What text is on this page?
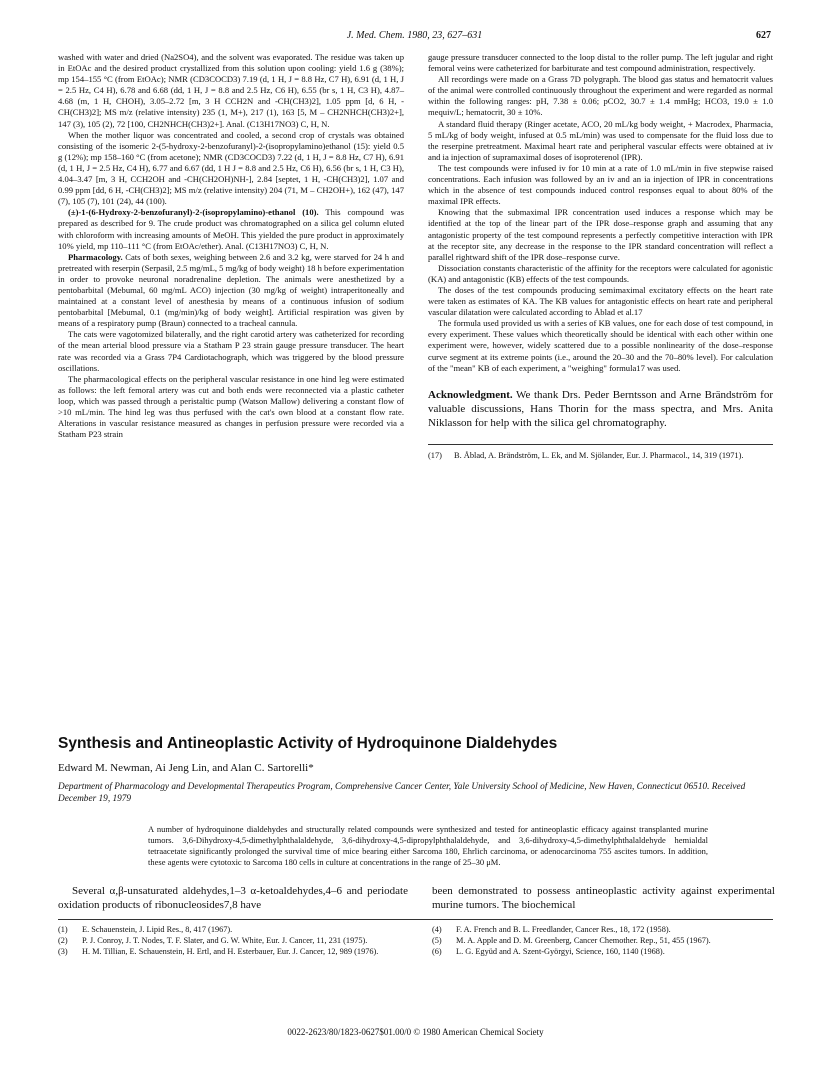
J. Med. Chem. 1980, 23, 627–631	627

washed with water and dried (Na2SO4), and the solvent was evaporated. The residue was taken up in EtOAc and the desired product crystallized from this solution upon cooling: yield 1.6 g (38%); mp 154–155 °C (from EtOAc); NMR (CD3COCD3) 7.19 (d, 1 H, J = 8.8 Hz, C7 H), 6.91 (d, 1 H, J = 2.5 Hz, C4 H), 6.78 and 6.68 (dd, 1 H, J = 8.8 and 2.5 Hz, C6 H), 6.55 (br s, 1 H, C3 H), 4.87–4.68 (m, 1 H, CHOH), 3.05–2.72 [m, 3 H CCH2N and -CH(CH3)2], 1.05 ppm [d, 6 H, -CH(CH3)2]; MS m/z (relative intensity) 235 (1, M+), 217 (1), 163 [5, M – CH2NHCH(CH3)2+], 147 (3), 105 (2), 72 [100, CH2NHCH(CH3)2+]. Anal. (C13H17NO3) C, H, N.

When the mother liquor was concentrated and cooled, a second crop of crystals was obtained consisting of the isomeric 2-(5-hydroxy-2-benzofuranyl)-2-(isopropylamino)ethanol (15): yield 0.5 g (12%); mp 158–160 °C (from acetone); NMR (CD3COCD3) 7.22 (d, 1 H, J = 8.8 Hz, C7 H), 6.91 (d, 1 H, J = 2.5 Hz, C4 H), 6.77 and 6.67 (dd, 1 H J = 8.8 and 2.5 Hz, C6 H), 6.56 (br s, 1 H, C3 H), 4.04–3.47 [m, 3 H, CCH2OH and -CH(CH2OH)NH-], 2.84 [septet, 1 H, -CH(CH3)2], 1.07 and 0.99 ppm [dd, 6 H, -CH(CH3)2]; MS m/z (relative intensity) 204 (71, M – CH2OH+), 162 (47), 147 (7), 105 (7), 101 (24), 44 (100).

(±)-1-(6-Hydroxy-2-benzofuranyl)-2-(isopropylamino)-ethanol (10). This compound was prepared as described for 9. The crude product was chromatographed on a silica gel column eluted with chloroform with increasing amounts of MeOH. This yielded the pure product in approximately 10% yield, mp 110–111 °C (from EtOAc/ether). Anal. (C13H17NO3) C, H, N.

Pharmacology. Cats of both sexes, weighing between 2.6 and 3.2 kg, were starved for 24 h and pretreated with reserpin (Serpasil, 2.5 mg/mL, 5 mg/kg of body weight) 18 h before experimentation in order to provoke neuronal noradrenaline depletion. The animals were anesthetized by a pentobarbital (Mebumal, 60 mg/mL ACO) injection (30 mg/kg of weight) intraperitoneally and maintained at a constant level of anesthesia by means of a continuous infusion of sodium pentobarbital [Mebumal, 0.1 (mg/min)/kg of body weight]. Artificial respiration was given by means of a respiratory pump (Braun) connected to a tracheal cannula.

The cats were vagotomized bilaterally, and the right carotid artery was catheterized for recording of the mean arterial blood pressure via a Statham P 23 strain gauge pressure transducer. The heart rate was recorded via a Grass 7P4 Cardiotachograph, which was triggered by the blood pressure oscillations.

The pharmacological effects on the peripheral vascular resistance in one hind leg were estimated as follows: the left femoral artery was cut and both ends were reconnected via a plastic catheter loop, which was passed through a peristaltic pump (Watson Mallow) delivering a constant flow of >10 mL/min. The hind leg was thus perfused with the cat's own blood at a constant flow rate. Alterations in vascular resistance measured as changes in perfusion pressure were recorded via a Statham P23 strain

gauge pressure transducer connected to the loop distal to the roller pump. The left jugular and right femoral veins were catheterized for barbiturate and test compound administration, respectively.

All recordings were made on a Grass 7D polygraph. The blood gas status and hematocrit values of the animal were controlled continuously throughout the experiment and were regarded as normal within the following ranges: pH, 7.38 ± 0.06; pCO2, 30.7 ± 1.4 mmHg; HCO3, 19.0 ± 1.0 mequiv/L; hematocrit, 30 ± 10%.

A standard fluid therapy (Ringer acetate, ACO, 20 mL/kg body weight, + Macrodex, Pharmacia, 5 mL/kg of body weight, infused at 0.5 mL/min) was used to compensate for the fluid loss due to the reserpine pretreatment. Maximal heart rate and peripheral vascular effects were obtained at iv and ia injection of supramaximal doses of isoproterenol (IPR).

The test compounds were infused iv for 10 min at a rate of 1.0 mL/min in five stepwise raised concentrations. Each infusion was followed by an iv and an ia injection of IPR in concentrations which in the absence of test compounds induced control responses equal to about 80% of the maximal IPR effects.

Knowing that the submaximal IPR concentration used induces a response which may be identified at the top of the linear part of the IPR dose–response graph and assuming that any antagonistic property of the test compound represents a perfectly competitive interaction with IPR at the receptor site, any decrease in the response to the IPR standard concentration will reflect a parallel rightward shift of the IPR dose–response curve.

Dissociation constants characteristic of the affinity for the receptors were calculated for agonistic (KA) and antagonistic (KB) effects of the test compounds.

The doses of the test compounds producing semimaximal excitatory effects on the heart rate were taken as estimates of KA. The KB values for antagonistic effects on heart rate and peripheral vascular dilatation were calculated according to Åblad et al.17

The formula used provided us with a series of KB values, one for each dose of test compound, in every experiment. These values which theoretically should be identical with each other within one experiment were, however, widely scattered due to a possible nonlinearity of the dose–response curve segment at its extreme points (i.e., around the 20–30 and the 70–80% level). For calculation of the "mean" KB of each experiment, a "weighing" formula17 was used.

Acknowledgment. We thank Drs. Peder Berntsson and Arne Brändström for valuable discussions, Hans Thorin for the mass spectra, and Mrs. Anita Niklasson for help with the silica gel chromatography.

(17) B. Åblad, A. Brändström, L. Ek, and M. Sjölander, Eur. J. Pharmacol., 14, 319 (1971).

Synthesis and Antineoplastic Activity of Hydroquinone Dialdehydes
Edward M. Newman, Ai Jeng Lin, and Alan C. Sartorelli*
Department of Pharmacology and Developmental Therapeutics Program, Comprehensive Cancer Center, Yale University School of Medicine, New Haven, Connecticut 06510. Received December 19, 1979
A number of hydroquinone dialdehydes and structurally related compounds were synthesized and tested for antineoplastic efficacy against transplanted murine tumors. 3,6-Dihydroxy-4,5-dimethylphthalaldehyde, 3,6-dihydroxy-4,5-dipropylphthalaldehyde, and 3,6-dihydroxy-4,5-dimethylphthalaldehyde hemialdal tetraacetate significantly prolonged the survival time of mice bearing either Sarcoma 180, Ehrlich carcinoma, or adenocarcinoma 755 ascites tumors. In addition, these agents were cytotoxic to Sarcoma 180 cells in culture at concentrations in the range of 25–30 μM.
Several α,β-unsaturated aldehydes,1–3 α-ketoaldehydes,4–6 and periodate oxidation products of ribonucleosides7,8 have
been demonstrated to possess antineoplastic activity against experimental murine tumors. The biochemical
(1) E. Schauenstein, J. Lipid Res., 8, 417 (1967).
(2) P. J. Conroy, J. T. Nodes, T. F. Slater, and G. W. White, Eur. J. Cancer, 11, 231 (1975).
(3) H. M. Tillian, E. Schauenstein, H. Ertl, and H. Esterbauer, Eur. J. Cancer, 12, 989 (1976).
(4) F. A. French and B. L. Freedlander, Cancer Res., 18, 172 (1958).
(5) M. A. Apple and D. M. Greenberg, Cancer Chemother. Rep., 51, 455 (1967).
(6) L. G. Együd and A. Szent-Györgyi, Science, 160, 1140 (1968).
0022-2623/80/1823-0627$01.00/0 © 1980 American Chemical Society
